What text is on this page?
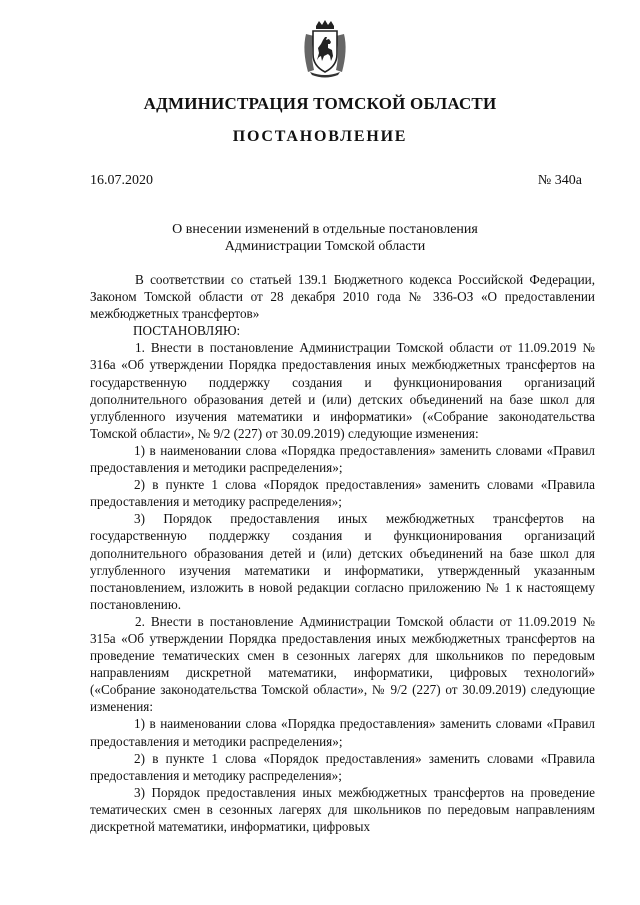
АДМИНИСТРАЦИЯ ТОМСКОЙ ОБЛАСТИ
ПОСТАНОВЛЕНИЕ
16.07.2020	№ 340а
О внесении изменений в отдельные постановления
Администрации Томской области

В соответствии со статьей 139.1 Бюджетного кодекса Российской Федерации, Законом Томской области от 28 декабря 2010 года № 336-ОЗ «О предоставлении межбюджетных трансфертов»

ПОСТАНОВЛЯЮ:

1. Внести в постановление Администрации Томской области от 11.09.2019 № 316а «Об утверждении Порядка предоставления иных межбюджетных трансфертов на государственную поддержку создания и функционирования организаций дополнительного образования детей и (или) детских объединений на базе школ для углубленного изучения математики и информатики» («Собрание законодательства Томской области», № 9/2 (227) от 30.09.2019) следующие изменения:

1) в наименовании слова «Порядка предоставления» заменить словами «Правил предоставления и методики распределения»;

2) в пункте 1 слова «Порядок предоставления» заменить словами «Правила предоставления и методику распределения»;

3) Порядок предоставления иных межбюджетных трансфертов на государственную поддержку создания и функционирования организаций дополнительного образования детей и (или) детских объединений на базе школ для углубленного изучения математики и информатики, утвержденный указанным постановлением, изложить в новой редакции согласно приложению № 1 к настоящему постановлению.

2. Внести в постановление Администрации Томской области от 11.09.2019 № 315а «Об утверждении Порядка предоставления иных межбюджетных трансфертов на проведение тематических смен в сезонных лагерях для школьников по передовым направлениям дискретной математики, информатики, цифровых технологий» («Собрание законодательства Томской области», № 9/2 (227) от 30.09.2019) следующие изменения:

1) в наименовании слова «Порядка предоставления» заменить словами «Правил предоставления и методики распределения»;

2) в пункте 1 слова «Порядок предоставления» заменить словами «Правила предоставления и методику распределения»;

3) Порядок предоставления иных межбюджетных трансфертов на проведение тематических смен в сезонных лагерях для школьников по передовым направлениям дискретной математики, информатики, цифровых
